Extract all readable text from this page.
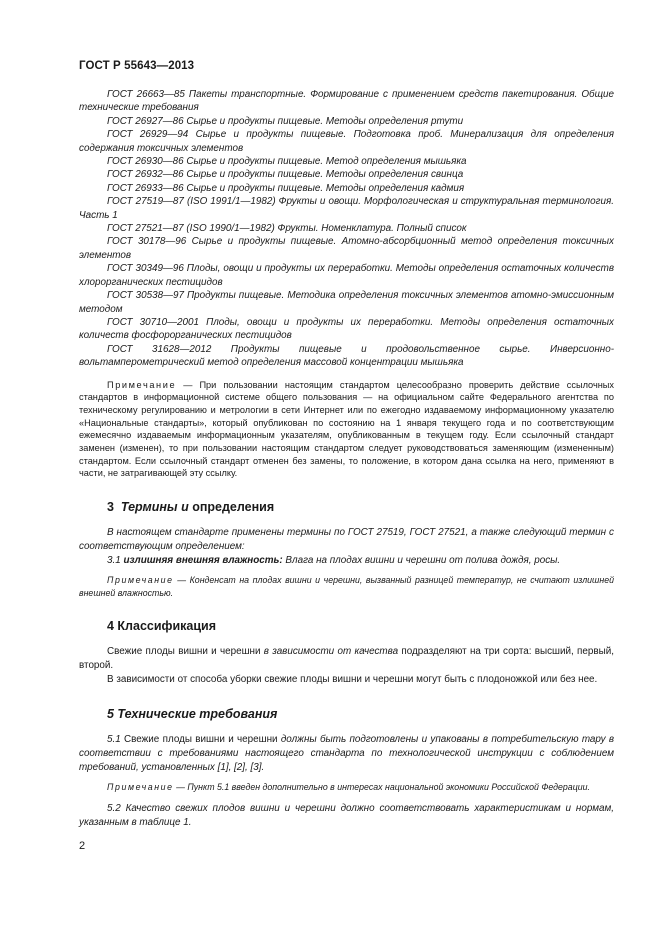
ГОСТ Р 55643—2013

ГОСТ 26663—85 Пакеты транспортные. Формирование с применением средств пакетирования. Общие технические требования

ГОСТ 26927—86 Сырье и продукты пищевые. Методы определения ртути

ГОСТ 26929—94 Сырье и продукты пищевые. Подготовка проб. Минерализация для определения содержания токсичных элементов

ГОСТ 26930—86 Сырье и продукты пищевые. Метод определения мышьяка

ГОСТ 26932—86 Сырье и продукты пищевые. Методы определения свинца

ГОСТ 26933—86 Сырье и продукты пищевые. Методы определения кадмия

ГОСТ 27519—87 (ISO 1991/1—1982) Фрукты и овощи. Морфологическая и структуральная терминология. Часть 1

ГОСТ 27521—87 (ISO 1990/1—1982) Фрукты. Номенклатура. Полный список

ГОСТ 30178—96 Сырье и продукты пищевые. Атомно-абсорбционный метод определения токсичных элементов

ГОСТ 30349—96 Плоды, овощи и продукты их переработки. Методы определения остаточных количеств хлорорганических пестицидов

ГОСТ 30538—97 Продукты пищевые. Методика определения токсичных элементов атомно-эмиссионным методом

ГОСТ 30710—2001 Плоды, овощи и продукты их переработки. Методы определения остаточных количеств фосфорорганических пестицидов

ГОСТ 31628—2012 Продукты пищевые и продовольственное сырье. Инверсионно-вольтамперометрический метод определения массовой концентрации мышьяка

Примечание — При пользовании настоящим стандартом целесообразно проверить действие ссылочных стандартов в информационной системе общего пользования — на официальном сайте Федерального агентства по техническому регулированию и метрологии в сети Интернет или по ежегодно издаваемому информационному указателю «Национальные стандарты», который опубликован по состоянию на 1 января текущего года и по соответствующим ежемесячно издаваемым информационным указателям, опубликованным в текущем году. Если ссылочный стандарт заменен (изменен), то при пользовании настоящим стандартом следует руководствоваться заменяющим (измененным) стандартом. Если ссылочный стандарт отменен без замены, то положение, в котором дана ссылка на него, применяют в части, не затрагивающей эту ссылку.

3 Термины и определения

В настоящем стандарте применены термины по ГОСТ 27519, ГОСТ 27521, а также следующий термин с соответствующим определением:

3.1 излишняя внешняя влажность: Влага на плодах вишни и черешни от полива дождя, росы.

Примечание — Конденсат на плодах вишни и черешни, вызванный разницей температур, не считают излишней внешней влажностью.

4 Классификация

Свежие плоды вишни и черешни в зависимости от качества подразделяют на три сорта: высший, первый, второй.

В зависимости от способа уборки свежие плоды вишни и черешни могут быть с плодоножкой или без нее.

5 Технические требования

5.1 Свежие плоды вишни и черешни должны быть подготовлены и упакованы в потребительскую тару в соответствии с требованиями настоящего стандарта по технологической инструкции с соблюдением требований, установленных [1], [2], [3].

Примечание — Пункт 5.1 введен дополнительно в интересах национальной экономики Российской Федерации.

5.2 Качество свежих плодов вишни и черешни должно соответствовать характеристикам и нормам, указанным в таблице 1.

2
